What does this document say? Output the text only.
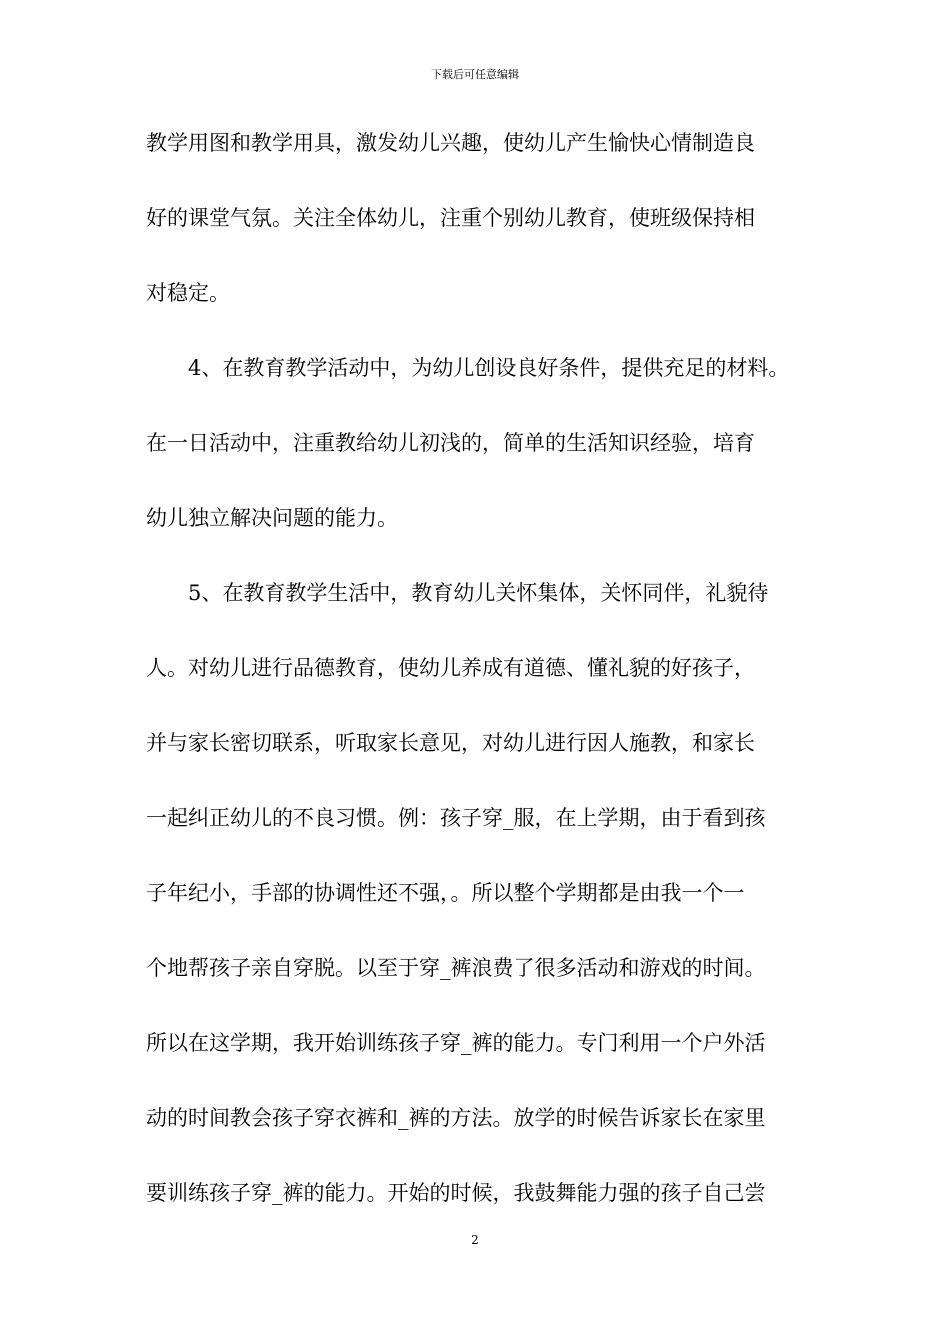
下载后可任意编辑
教学用图和教学用具，激发幼儿兴趣，使幼儿产生愉快心情制造良
好的课堂气氛。关注全体幼儿，注重个别幼儿教育，使班级保持相
对稳定。
4、在教育教学活动中，为幼儿创设良好条件，提供充足的材料。
在一日活动中，注重教给幼儿初浅的，简单的生活知识经验，培育
幼儿独立解决问题的能力。
5、在教育教学生活中，教育幼儿关怀集体，关怀同伴，礼貌待
人。对幼儿进行品德教育，使幼儿养成有道德、懂礼貌的好孩子，
并与家长密切联系，听取家长意见，对幼儿进行因人施教，和家长
一起纠正幼儿的不良习惯。例：孩子穿_服，在上学期，由于看到孩
子年纪小，手部的协调性还不强，。所以整个学期都是由我一个一
个地帮孩子亲自穿脱。以至于穿_裤浪费了很多活动和游戏的时间。
所以在这学期，我开始训练孩子穿_裤的能力。专门利用一个户外活
动的时间教会孩子穿衣裤和_裤的方法。放学的时候告诉家长在家里
要训练孩子穿_裤的能力。开始的时候，我鼓舞能力强的孩子自己尝
2
